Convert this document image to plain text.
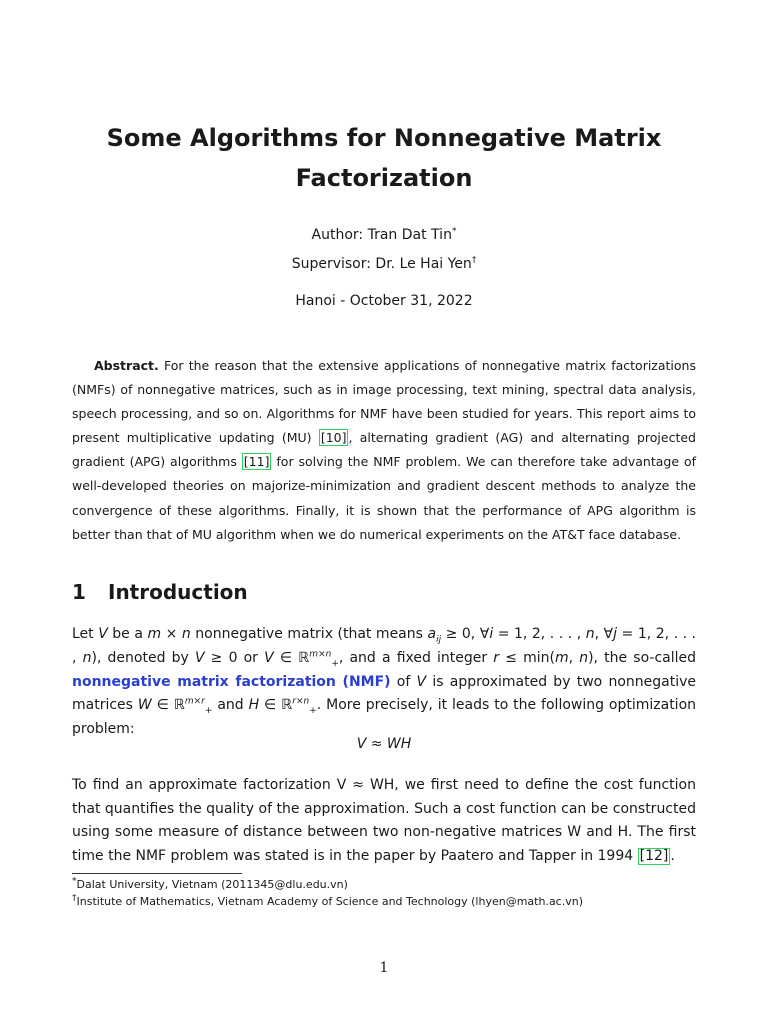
Some Algorithms for Nonnegative Matrix Factorization
Author: Tran Dat Tin*
Supervisor: Dr. Le Hai Yen†
Hanoi - October 31, 2022
Abstract. For the reason that the extensive applications of nonnegative matrix factorizations (NMFs) of nonnegative matrices, such as in image processing, text mining, spectral data analysis, speech processing, and so on. Algorithms for NMF have been studied for years. This report aims to present multiplicative updating (MU) [10] , alternating gradient (AG) and alternating projected gradient (APG) algorithms [11] for solving the NMF problem. We can therefore take advantage of well-developed theories on majorize-minimization and gradient descent methods to analyze the convergence of these algorithms. Finally, it is shown that the performance of APG algorithm is better than that of MU algorithm when we do numerical experiments on the AT&T face database.
1 Introduction
Let V be a m × n nonnegative matrix (that means $a_{ij} \ge 0$, ∀i = 1, 2, . . . , n, ∀j = 1, 2, . . . , n), denoted by V ≥ 0 or V ∈ ℝ$^{m\times n}_+$, and a fixed integer r ≤ min(m, n), the so-called nonnegative matrix factorization (NMF) of V is approximated by two nonnegative matrices W ∈ ℝ$^{m\times r}_+$ and H ∈ ℝ$^{r\times n}_+$. More precisely, it leads to the following optimization problem:
V ≈ WH
To find an approximate factorization V ≈ WH, we first need to define the cost function that quantifies the quality of the approximation. Such a cost function can be constructed using some measure of distance between two non-negative matrices W and H. The first time the NMF problem was stated is in the paper by Paatero and Tapper in 1994 [12] .
*Dalat University, Vietnam (2011345@dlu.edu.vn)
†Institute of Mathematics, Vietnam Academy of Science and Technology (lhyen@math.ac.vn)
1
